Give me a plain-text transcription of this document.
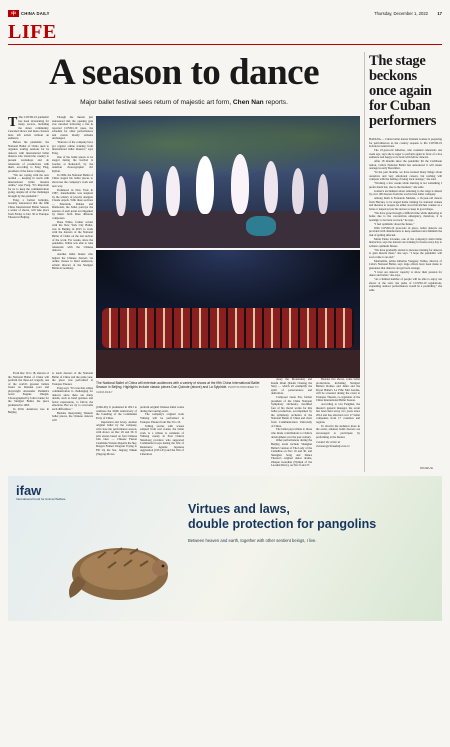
中 CHINA DAILY	Thursday, December 1, 2022 17
LIFE
A season to dance
Major ballet festival sees return of majestic art form, Chen Nan reports.
T The COVID-19 pandemic has been devastating for many sectors, including the dance community. Canceled shows and mass closures have left artists without an audience.

Before the pandemic, the National Ballet of China used to organize touring sessions for its dancers with international ballet masters who visited the country to present workshops and do rehearsals of productions with them, according to Feng Ying, president of the dance company.

"We are coping with the new normal — keeping in touch with international ballet masters online," says Feng. "It's important for us to keep the communication going, despite all of the challenges brought by the pandemic."

Feng, a former ballerina, recently announced that the fifth China International Ballet Season, a series of shows, will take place from Friday to Dec 30 at Tianqiao Theater in Beijing.

Though the theater just announced that the opening gala was canceled following a rise in reported COVID-19 cases, the schedule for other performances and events mostly remains unchanged.

"Dancers of the company have got regular online training from international ballet masters," says Feng.

One of the ballet pieces to be staged during the festival is Garden at Reinsdorf, by the Austrian choreographer Jiri Kylian.

In 1996, the National Ballet of China staged his ballet pieces to showcase the company's work and new way.

Premiered in New York in 1987, Jeunehomme was inspired by the artistry of jewelry designer Claude Arpels. With three sections — Emeralds, Rubies and Diamonds, the ballet portrays the essence of each jewel accompanied by music from three different composers.

Dane White, former soloist with the New York City Ballet, was in Beijing in 2015 to work with the dancers of the National Ballet of China on the last section of the work. For weeks, since the pandemic, White was able to take rehearsals with the Chinese dancers.

Another ballet master who helped the Chinese dancers via online classes is Reid Anderson, artistic director of the Stuttgart Ballet in Germany.

The National Ballet of China will entertain audiences with a variety of shows at the fifth China International Ballet Season in Beijing. Highlights include classic pieces Don Quixote (above) and La Sylphide. PHOTOS PROVIDED TO CHINA DAILY

Away the Mountains) and Kuafu Zhuri (Kuafu Chasing the Sun) — which all exemplify the spirit of perseverance and dedication.

Composer Guan Xia, former president of the China National Symphony Orchestra, modified four of his choral works for this ballet production, accompanied by the symphony orchestra of the National Ballet of China and choir from Communication University of China.

The ballet pays tribute to those who made contributions to China's development over the past century.

Other performances during the Beijing event include Shanghai Ballet's version of The Lady of the Camellias on Nov 16 and 30, and Shanghai Song and Dance Theater's original dance drama, Zhuque Guardian (Nymph of the Luoshui River), on Nov 6 and 27.

Besides live shows, some ballet productions, including Stuttgart Ballet's Romeo and Juliet and the Royal Ballet's La Fille Mal Gardée, will be screened during the event at Tianqiao Theater, co-organizer of the China International Ballet Season.

According to Liu Fengmei, the theater's general manager, the event has been held every two years since 2014 and has attracted over 17 ballet companies from 17 countries and regions.

To involve the audience more in the event, amateur ballet dancers are encouraged to participate by performing at the theater.

Contact the writer at
chennan@chinadaily.com.cn

From Dec 10 to 18, dancers of the National Ballet of China will perform the three-act tragedy, one of the world's greatest ballets based on Russian poet and playwright Alexander Pushkin's novel Eugene Onegin. Choreographed by John Cranko for the Stuttgart Ballet, the piece premiered in 1965.

In 2010, Anderson was in Beijing

to teach dancers of the National Ballet of China and the same year, the piece was performed at Tianqiao Theater.

Feng says: "It's true that online communication is challenging for dancers since there are many details, such as hand gestures and facial expressions, to follow the emotions. But we try to overcome such difficulties."

Besides interpreting Western ballet pieces, the Chinese dancers will

perform original Chinese ballet works during the touring event.

The company's original work Yimeng will be performed at Tianqiao Theater from Dec 8 to 10.

Telling stories with scenes adapted from real events, the ballet work is a tribute to residents of Yimeng county in East China's Shandong province who supported Communist troops during the War of Resistance Against Japanese Aggression (1931-45) and the War of Liberation

(1946-49). It premiered in 2021 to celebrate the 100th anniversary of the founding of the Communist Party of China.

Inspiration and Glory, another original ballet by the company, will close the performance season, with shows on Dec 29 and 30. It tells stories based on four Chinese folk tales — Chinese Fusion Candidate Wuxiao Repairs the Sky, Dragon Funnel Chagwei Trying to Fill Up the Sea, Jiagong Tsikun (Yugong Moves

The stage beckons once again for Cuban performers

HAVANA — Cuban ballet dancer Daniela Gomez is preparing for performances as the country reopens to life COVID-19 lockdown restrictions.

The 23-year-old ballerina, who resumed rehearsals one week ago, says she is eager to perform again in front of a live audience and happy to be back with fellow dancers.

After 18 months since the pandemic hit the Caribbean nation, Cuba's National Ballet has announced it will return onstage in early December.

"In the past months, we have learned many things about ourselves and very emotional careers, but nothing will compare with the feeling of being back onstage," she said.

"Working a few weeks while dancing is not something I prefer much but, true to the moment," she adds.

Gomez's excitement about returning to the stage is shared by over 100 dancers from the world-class ballet company.

Among them is Fernando Mendez, a 16-year-old dancer from Havana, to be staged home training for national venues and theaters to reopen, he either stood his kitchen counter as a barre or leaped across his terrace to keep in good shape.

"We have gone through a difficult time while sheltering at home due to the coronavirus emergency, therefore, it is nostalgic to be back on track," he says.

"I feel optimistic about the future."

With COVID-19 protocols in place, ballet dancers are provided with disinfectants to keep sanitized and diminish the risk of getting infected.

Maria Elena Llorente, one of the company's main ballet instructors, says the dancers are training for hours every day to achieve optimum fitness.

"We have gradually started to increase training for dancers to gain muscle mass," she says. "I hope the pandemic will soon come to an end."

Meanwhile, prima ballerina Viengsay Valdes, director of Cuba's National Ballet, says large efforts have been made to guarantee that dancers can get back onstage.

"I trust our dancers' capacity to show their passion for dance and ballet," she says.

"As a limited number of people will be able to enjoy our shows at the start, the pulse of COVID-19 regulations, expanding outdoor performances would be a possibility," she adds.

XINHUA
ifaw
International Fund for Animal Welfare
Virtues and laws,
double protection for pangolins
Between heaven and earth, together with other sentient beings, I live.
